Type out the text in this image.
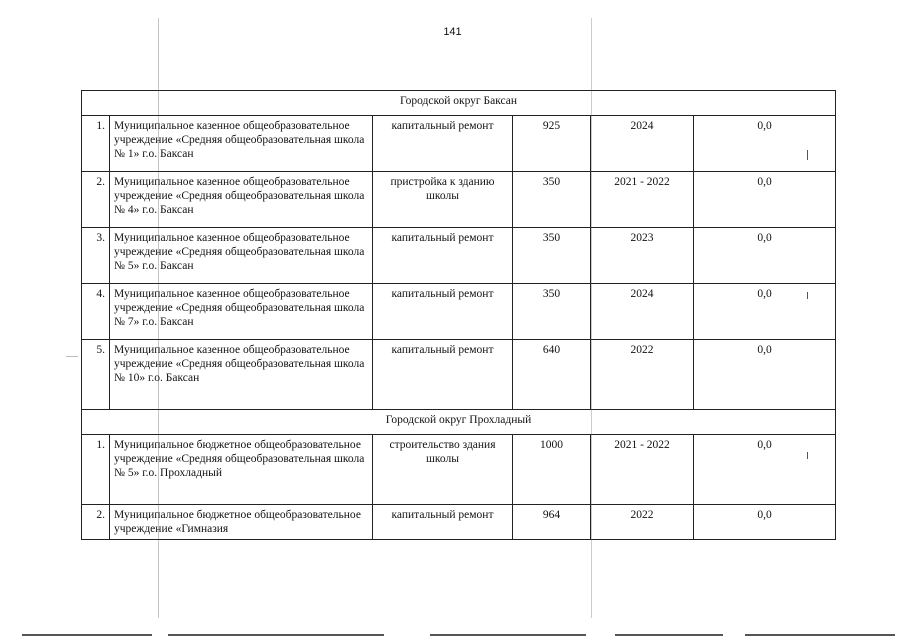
141
Городской округ Баксан					
1.	Муниципальное казенное общеобразовательное учреждение «Средняя общеобразовательная школа № 1» г.о. Баксан	капитальный ремонт	925	2024	0,0
2.	Муниципальное казенное общеобразовательное учреждение «Средняя общеобразовательная школа № 4» г.о. Баксан	пристройка к зданию школы	350	2021 - 2022	0,0
3.	Муниципальное казенное общеобразовательное учреждение «Средняя общеобразовательная школа № 5» г.о. Баксан	капитальный ремонт	350	2023	0,0
4.	Муниципальное казенное общеобразовательное учреждение «Средняя общеобразовательная школа № 7» г.о. Баксан	капитальный ремонт	350	2024	0,0
5.	Муниципальное казенное общеобразовательное учреждение «Средняя общеобразовательная школа № 10» г.о. Баксан	капитальный ремонт	640	2022	0,0
Городской округ Прохладный					
1.	Муниципальное бюджетное общеобразовательное учреждение «Средняя общеобразовательная школа № 5» г.о. Прохладный	строительство здания школы	1000	2021 - 2022	0,0
2.	Муниципальное бюджетное общеобразовательное учреждение «Гимназия	капитальный ремонт	964	2022	0,0
